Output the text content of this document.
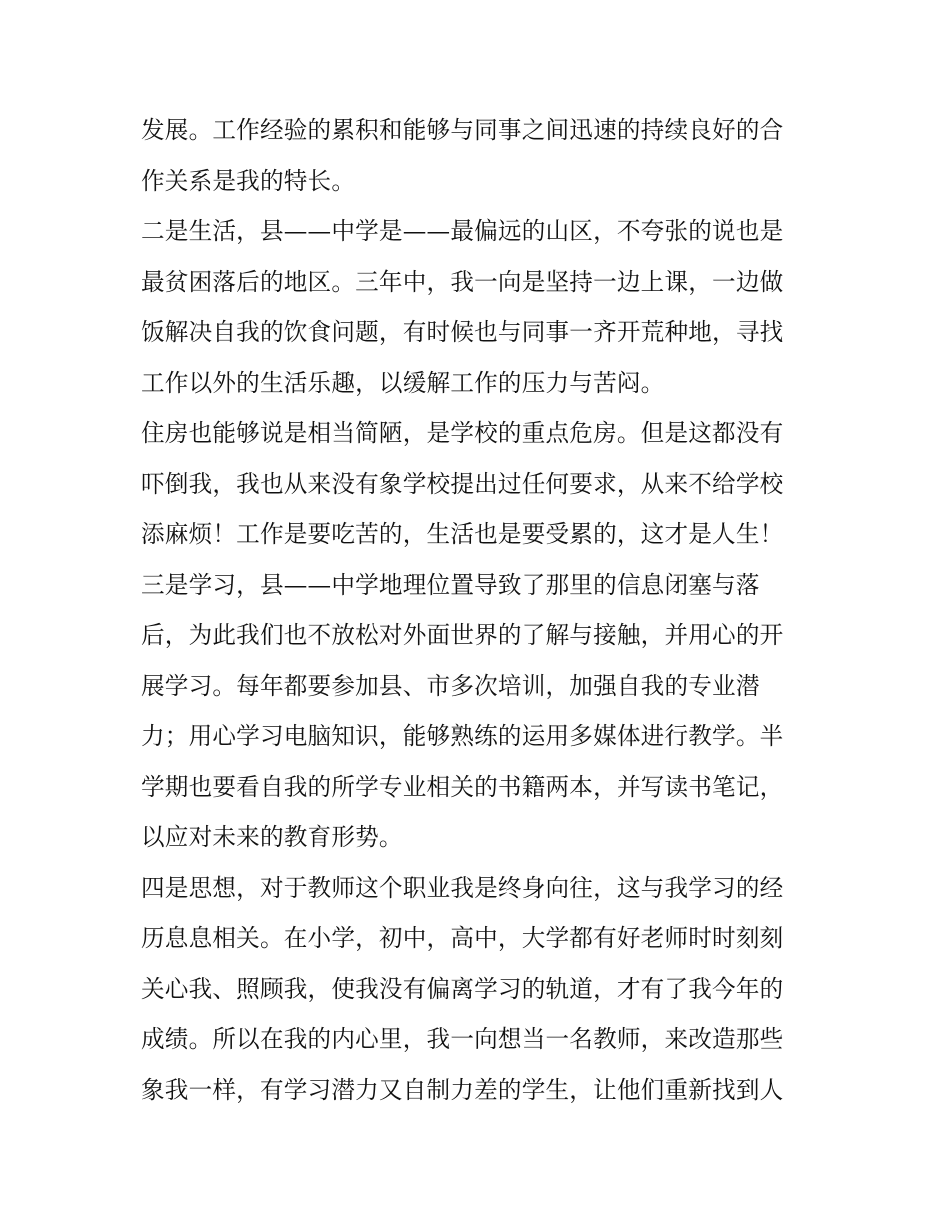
发展。工作经验的累积和能够与同事之间迅速的持续良好的合
作关系是我的特长。
二是生活，县——中学是——最偏远的山区，不夸张的说也是
最贫困落后的地区。三年中，我一向是坚持一边上课，一边做
饭解决自我的饮食问题，有时候也与同事一齐开荒种地，寻找
工作以外的生活乐趣，以缓解工作的压力与苦闷。
住房也能够说是相当简陋，是学校的重点危房。但是这都没有
吓倒我，我也从来没有象学校提出过任何要求，从来不给学校
添麻烦！工作是要吃苦的，生活也是要受累的，这才是人生！
三是学习，县——中学地理位置导致了那里的信息闭塞与落
后，为此我们也不放松对外面世界的了解与接触，并用心的开
展学习。每年都要参加县、市多次培训，加强自我的专业潜
力；用心学习电脑知识，能够熟练的运用多媒体进行教学。半
学期也要看自我的所学专业相关的书籍两本，并写读书笔记，
以应对未来的教育形势。
四是思想，对于教师这个职业我是终身向往，这与我学习的经
历息息相关。在小学，初中，高中，大学都有好老师时时刻刻
关心我、照顾我，使我没有偏离学习的轨道，才有了我今年的
成绩。所以在我的内心里，我一向想当一名教师，来改造那些
象我一样，有学习潜力又自制力差的学生，让他们重新找到人
